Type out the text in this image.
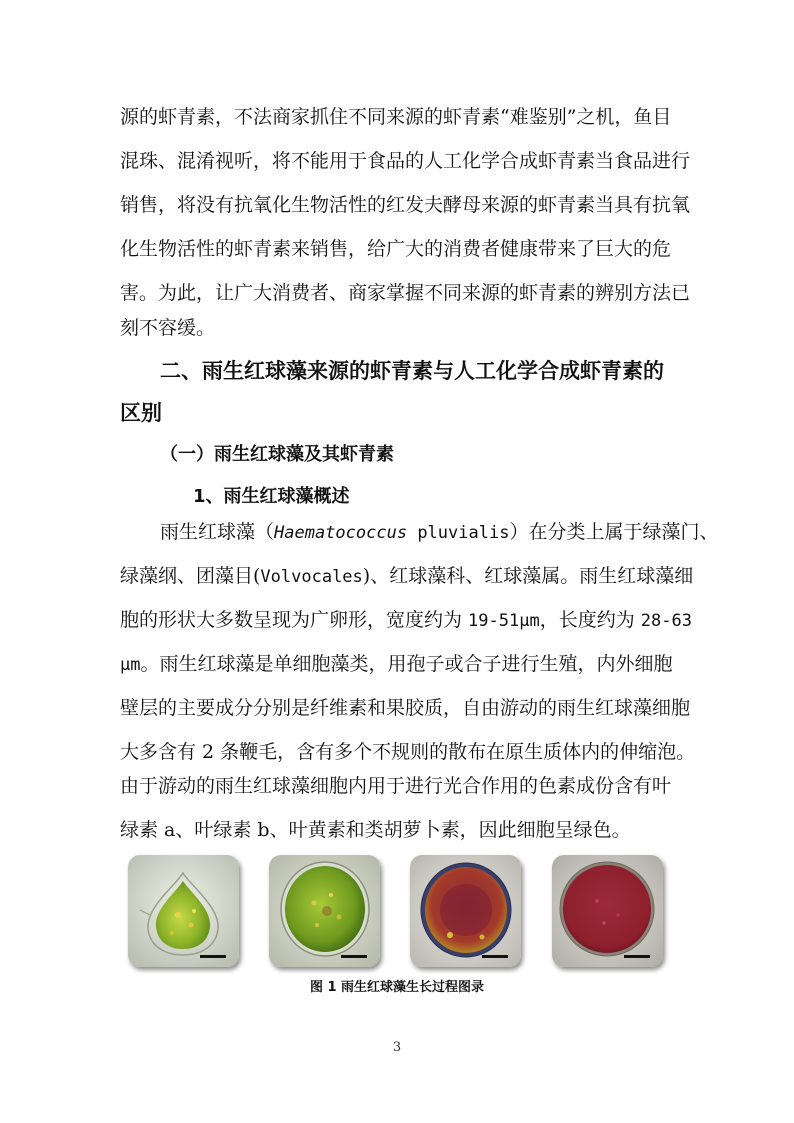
源的虾青素，不法商家抓住不同来源的虾青素“难鉴别”之机，鱼目
混珠、混淆视听，将不能用于食品的人工化学合成虾青素当食品进行
销售，将没有抗氧化生物活性的红发夫酵母来源的虾青素当具有抗氧
化生物活性的虾青素来销售，给广大的消费者健康带来了巨大的危
害。为此，让广大消费者、商家掌握不同来源的虾青素的辨别方法已
刻不容缓。
二、雨生红球藻来源的虾青素与人工化学合成虾青素的
区别
（一）雨生红球藻及其虾青素
1、雨生红球藻概述
雨生红球藻（Haematococcus pluvialis）在分类上属于绿藻门、
绿藻纲、团藻目(Volvocales)、红球藻科、红球藻属。雨生红球藻细
胞的形状大多数呈现为广卵形，宽度约为 19-51μm，长度约为 28-63
μm。雨生红球藻是单细胞藻类，用孢子或合子进行生殖，内外细胞
壁层的主要成分分别是纤维素和果胶质，自由游动的雨生红球藻细胞
大多含有 2 条鞭毛，含有多个不规则的散布在原生质体内的伸缩泡。
由于游动的雨生红球藻细胞内用于进行光合作用的色素成份含有叶
绿素 a、叶绿素 b、叶黄素和类胡萝卜素，因此细胞呈绿色。
图 1 雨生红球藻生长过程图录
3
